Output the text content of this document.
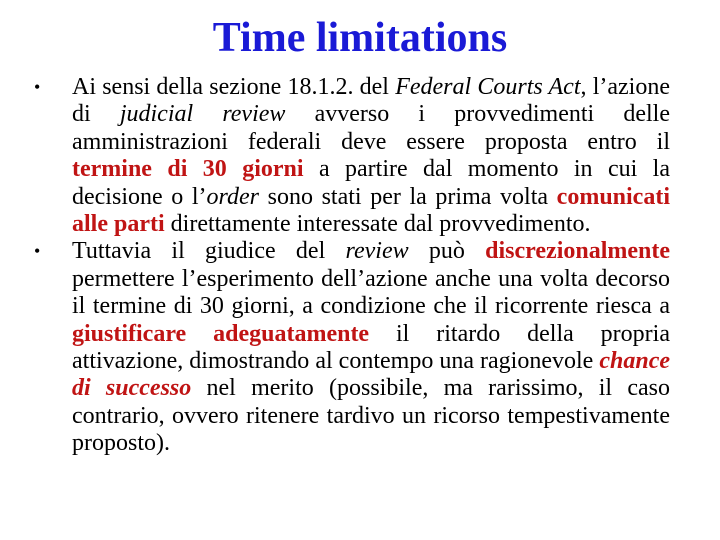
Time limitations
• Ai sensi della sezione 18.1.2. del Federal Courts Act, l’azione di judicial review avverso i provvedimenti delle amministrazioni federali deve essere proposta entro il termine di 30 giorni a partire dal momento in cui la decisione o l’order sono stati per la prima volta comunicati alle parti direttamente interessate dal provvedimento.
• Tuttavia il giudice del review può discrezionalmente permettere l’esperimento dell’azione anche una volta decorso il termine di 30 giorni, a condizione che il ricorrente riesca a giustificare adeguatamente il ritardo della propria attivazione, dimostrando al contempo una ragionevole chance di successo nel merito (possibile, ma rarissimo, il caso contrario, ovvero ritenere tardivo un ricorso tempestivamente proposto).
